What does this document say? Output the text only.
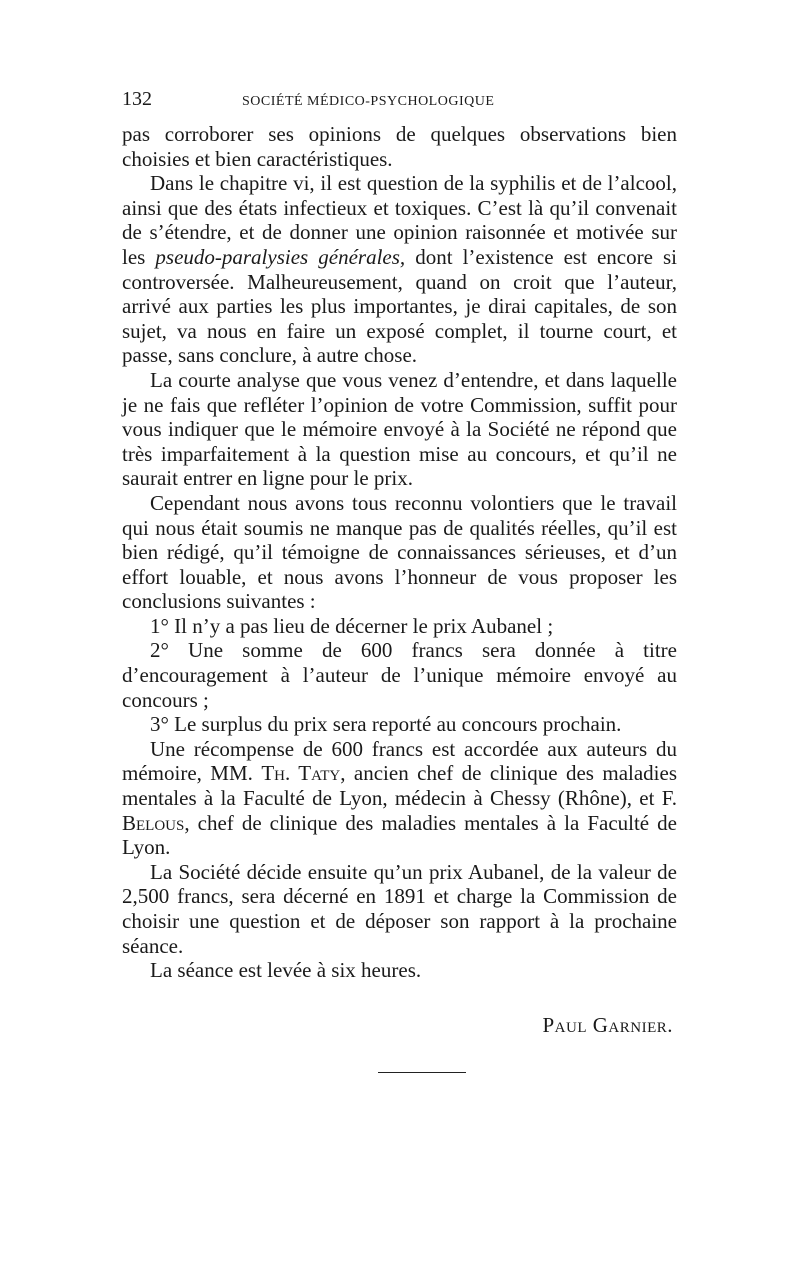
132	SOCIÉTÉ MÉDICO-PSYCHOLOGIQUE

pas corroborer ses opinions de quelques observations bien choisies et bien caractéristiques.

Dans le chapitre vi, il est question de la syphilis et de l’alcool, ainsi que des états infectieux et toxiques. C’est là qu’il convenait de s’étendre, et de donner une opinion raisonnée et motivée sur les pseudo-paralysies générales, dont l’existence est encore si controversée. Malheureusement, quand on croit que l’auteur, arrivé aux parties les plus importantes, je dirai capitales, de son sujet, va nous en faire un exposé complet, il tourne court, et passe, sans conclure, à autre chose.

La courte analyse que vous venez d’entendre, et dans laquelle je ne fais que refléter l’opinion de votre Commission, suffit pour vous indiquer que le mémoire envoyé à la Société ne répond que très imparfaitement à la question mise au concours, et qu’il ne saurait entrer en ligne pour le prix.

Cependant nous avons tous reconnu volontiers que le travail qui nous était soumis ne manque pas de qualités réelles, qu’il est bien rédigé, qu’il témoigne de connaissances sérieuses, et d’un effort louable, et nous avons l’honneur de vous proposer les conclusions suivantes :

1° Il n’y a pas lieu de décerner le prix Aubanel ;

2° Une somme de 600 francs sera donnée à titre d’encouragement à l’auteur de l’unique mémoire envoyé au concours ;

3° Le surplus du prix sera reporté au concours prochain.

Une récompense de 600 francs est accordée aux auteurs du mémoire, MM. Th. Taty, ancien chef de clinique des maladies mentales à la Faculté de Lyon, médecin à Chessy (Rhône), et F. Belous, chef de clinique des maladies mentales à la Faculté de Lyon.

La Société décide ensuite qu’un prix Aubanel, de la valeur de 2,500 francs, sera décerné en 1891 et charge la Commission de choisir une question et de déposer son rapport à la prochaine séance.

La séance est levée à six heures.

Paul Garnier.
